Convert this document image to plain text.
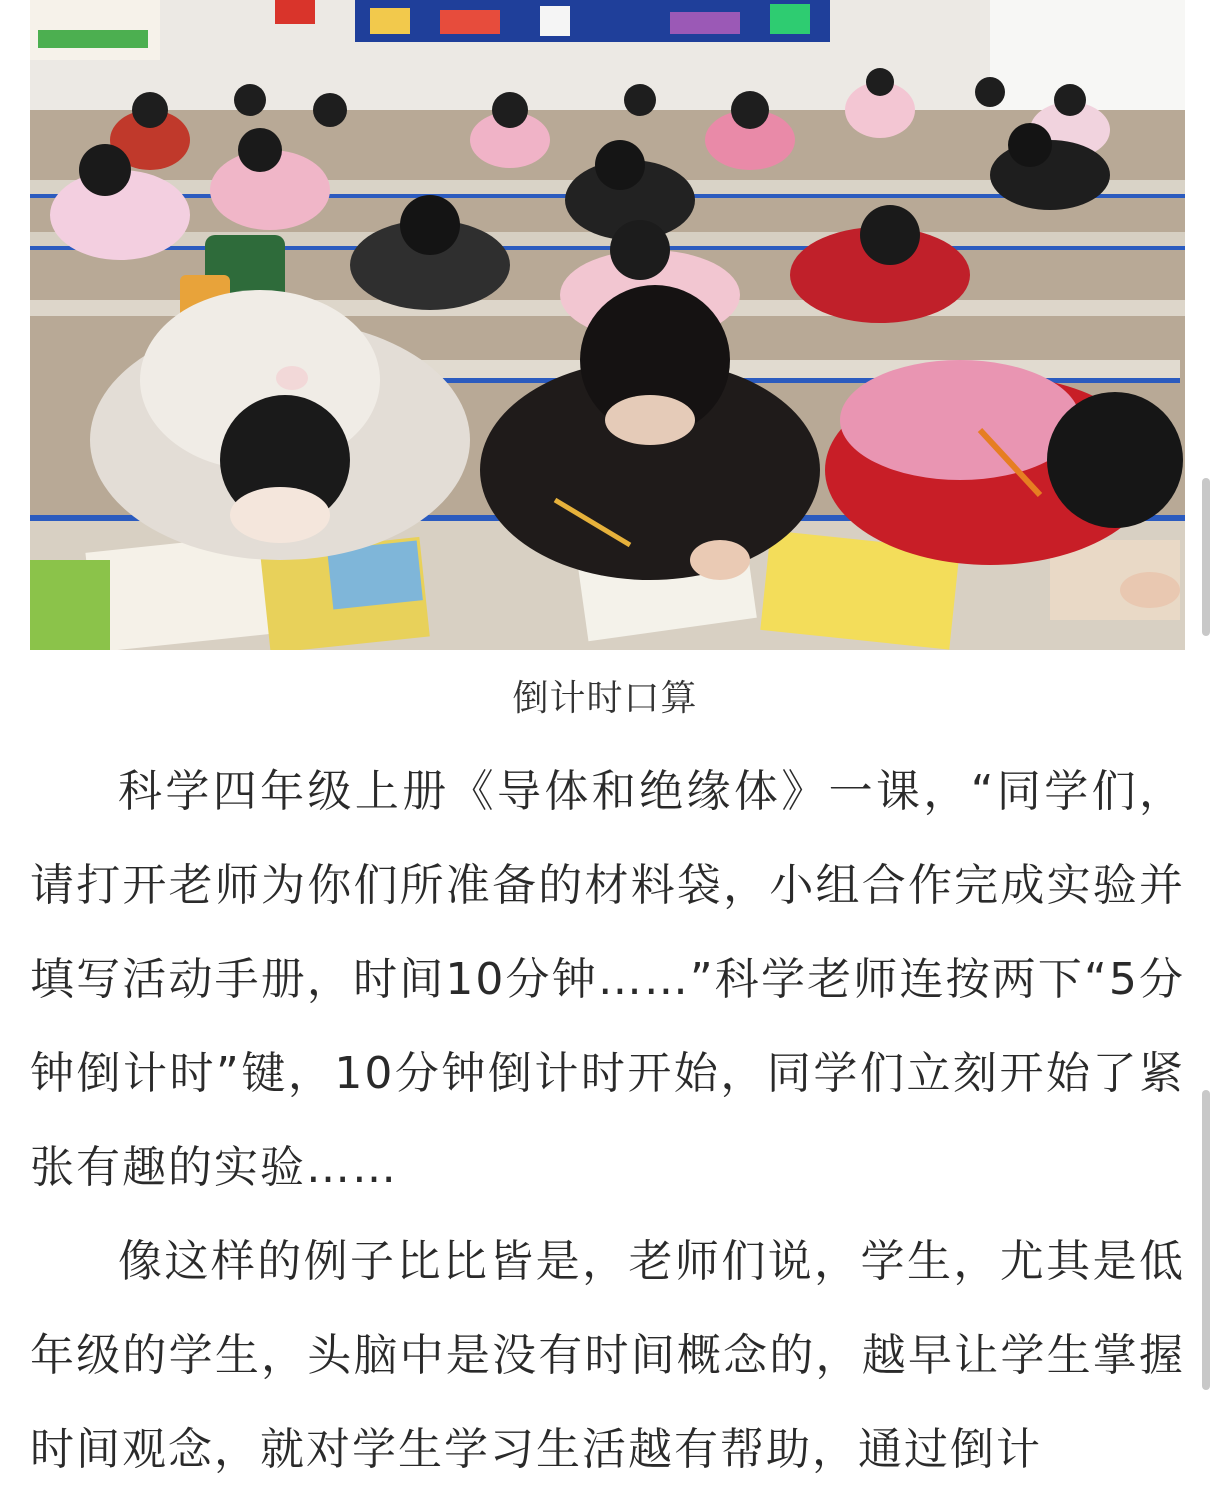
倒计时口算

科学四年级上册《导体和绝缘体》一课，“同学们，请打开老师为你们所准备的材料袋，小组合作完成实验并填写活动手册，时间10分钟……”科学老师连按两下“5分钟倒计时”键，10分钟倒计时开始，同学们立刻开始了紧张有趣的实验……

像这样的例子比比皆是，老师们说，学生，尤其是低年级的学生，头脑中是没有时间概念的，越早让学生掌握时间观念，就对学生学习生活越有帮助，通过倒计
